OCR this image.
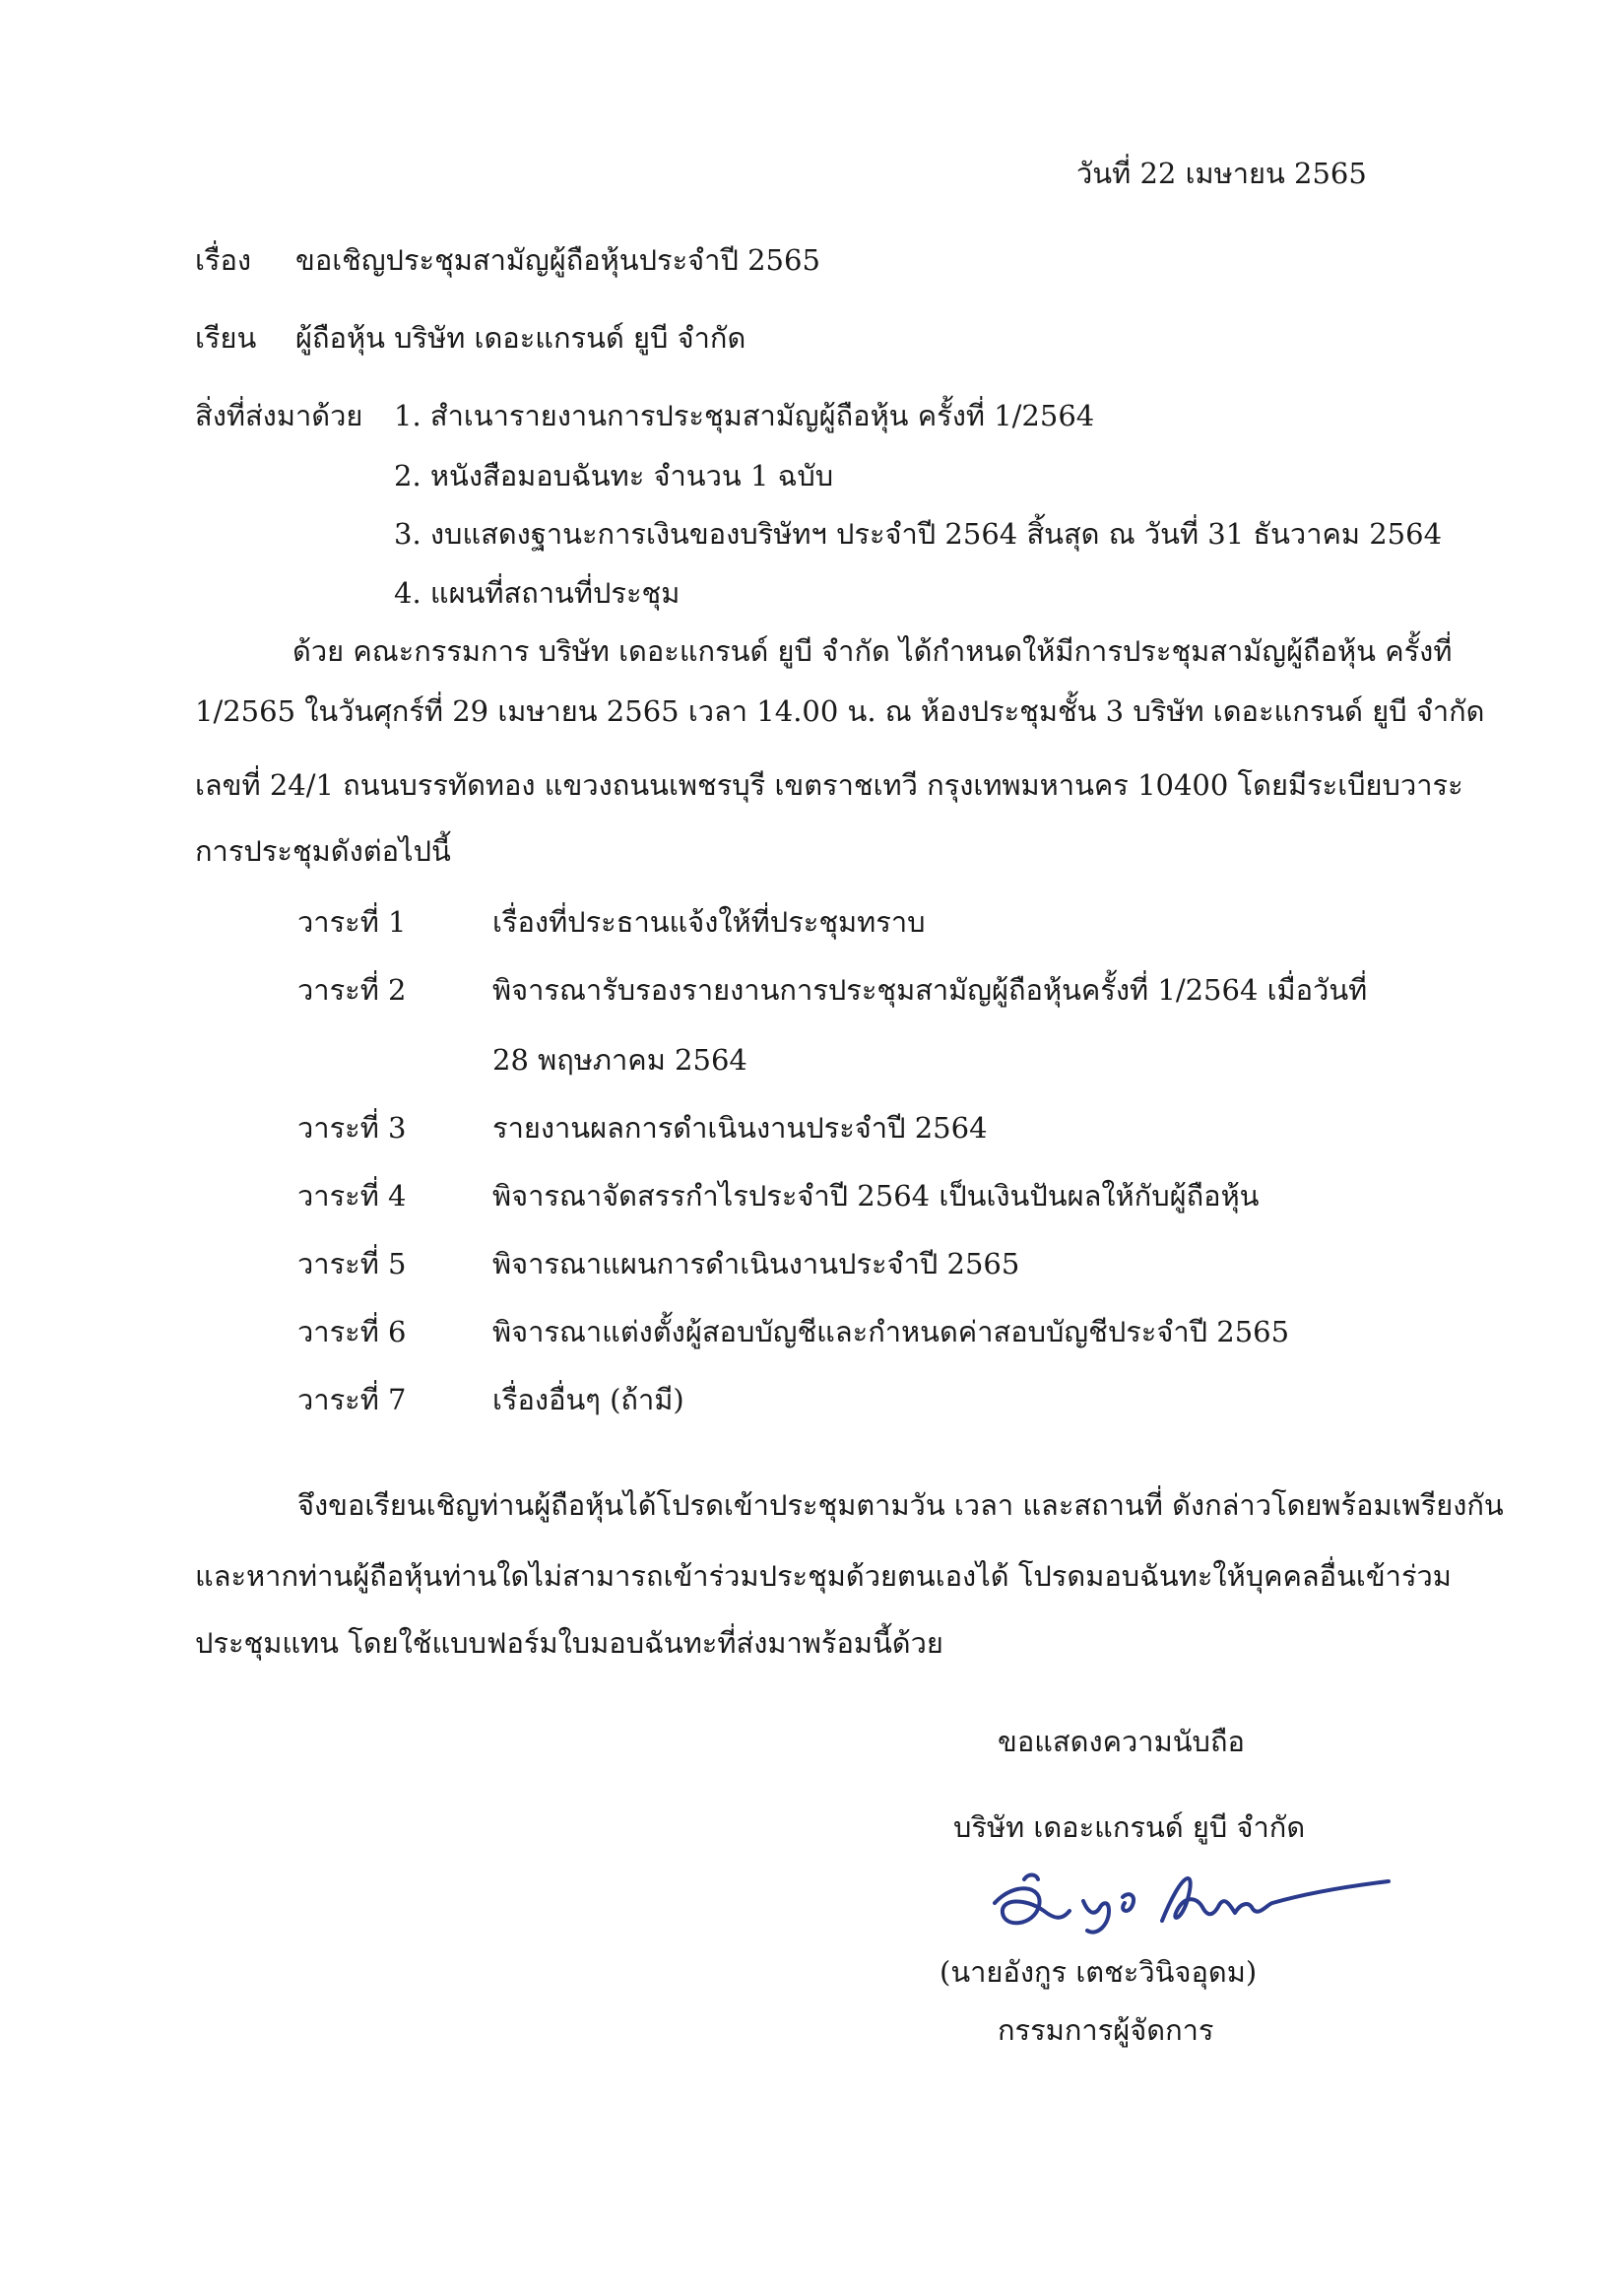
วันที่ 22 เมษายน 2565
เรื่อง ขอเชิญประชุมสามัญผู้ถือหุ้นประจำปี 2565
เรียน ผู้ถือหุ้น บริษัท เดอะแกรนด์ ยูบี จำกัด
สิ่งที่ส่งมาด้วย 1. สำเนารายงานการประชุมสามัญผู้ถือหุ้น ครั้งที่ 1/2564
2. หนังสือมอบฉันทะ จำนวน 1 ฉบับ
3. งบแสดงฐานะการเงินของบริษัทฯ ประจำปี 2564 สิ้นสุด ณ วันที่ 31 ธันวาคม 2564
4. แผนที่สถานที่ประชุม
ด้วย คณะกรรมการ บริษัท เดอะแกรนด์ ยูบี จำกัด ได้กำหนดให้มีการประชุมสามัญผู้ถือหุ้น ครั้งที่
1/2565 ในวันศุกร์ที่ 29 เมษายน 2565 เวลา 14.00 น. ณ ห้องประชุมชั้น 3 บริษัท เดอะแกรนด์ ยูบี จำกัด
เลขที่ 24/1 ถนนบรรทัดทอง แขวงถนนเพชรบุรี เขตราชเทวี กรุงเทพมหานคร 10400 โดยมีระเบียบวาระ
การประชุมดังต่อไปนี้
วาระที่ 1	เรื่องที่ประธานแจ้งให้ที่ประชุมทราบ
วาระที่ 2	พิจารณารับรองรายงานการประชุมสามัญผู้ถือหุ้นครั้งที่ 1/2564 เมื่อวันที่
28 พฤษภาคม 2564
วาระที่ 3	รายงานผลการดำเนินงานประจำปี 2564
วาระที่ 4	พิจารณาจัดสรรกำไรประจำปี 2564 เป็นเงินปันผลให้กับผู้ถือหุ้น
วาระที่ 5	พิจารณาแผนการดำเนินงานประจำปี 2565
วาระที่ 6	พิจารณาแต่งตั้งผู้สอบบัญชีและกำหนดค่าสอบบัญชีประจำปี 2565
วาระที่ 7	เรื่องอื่นๆ (ถ้ามี)
จึงขอเรียนเชิญท่านผู้ถือหุ้นได้โปรดเข้าประชุมตามวัน เวลา และสถานที่ ดังกล่าวโดยพร้อมเพรียงกัน
และหากท่านผู้ถือหุ้นท่านใดไม่สามารถเข้าร่วมประชุมด้วยตนเองได้ โปรดมอบฉันทะให้บุคคลอื่นเข้าร่วม
ประชุมแทน โดยใช้แบบฟอร์มใบมอบฉันทะที่ส่งมาพร้อมนี้ด้วย
ขอแสดงความนับถือ
บริษัท เดอะแกรนด์ ยูบี จำกัด
(นายอังกูร เตชะวินิจอุดม)
กรรมการผู้จัดการ
